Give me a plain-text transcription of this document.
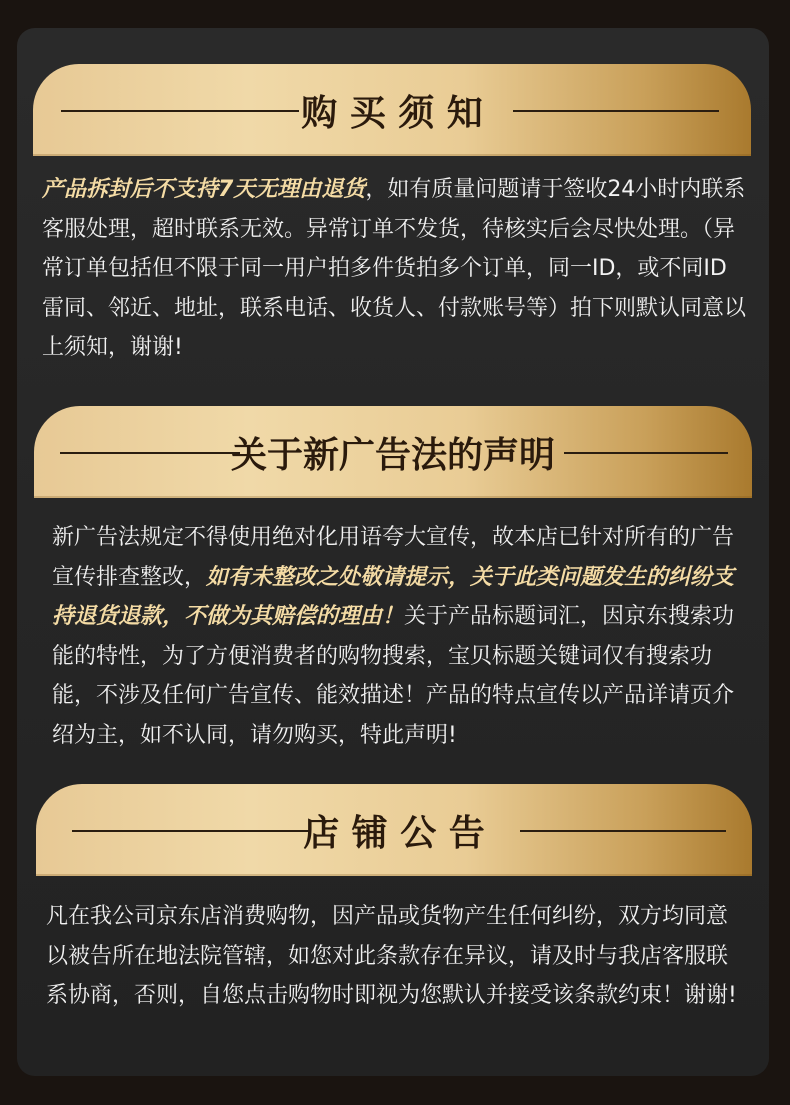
购 买 须 知
产品拆封后不支持7天无理由退货，如有质量问题请于签收24小时内联系客服处理，超时联系无效。异常订单不发货，待核实后会尽快处理。（异常订单包括但不限于同一用户拍多件货拍多个订单，同一ID，或不同ID雷同、邻近、地址，联系电话、收货人、付款账号等）拍下则默认同意以上须知，谢谢!
关于新广告法的声明
新广告法规定不得使用绝对化用语夸大宣传，故本店已针对所有的广告宣传排查整改，如有未整改之处敬请提示，关于此类问题发生的纠纷支持退货退款，不做为其赔偿的理由！关于产品标题词汇，因京东搜索功能的特性，为了方便消费者的购物搜索，宝贝标题关键词仅有搜索功能，不涉及任何广告宣传、能效描述！产品的特点宣传以产品详请页介绍为主，如不认同，请勿购买，特此声明!
店 铺 公 告
凡在我公司京东店消费购物，因产品或货物产生任何纠纷，双方均同意以被告所在地法院管辖，如您对此条款存在异议，请及时与我店客服联系协商，否则，自您点击购物时即视为您默认并接受该条款约束！谢谢!
